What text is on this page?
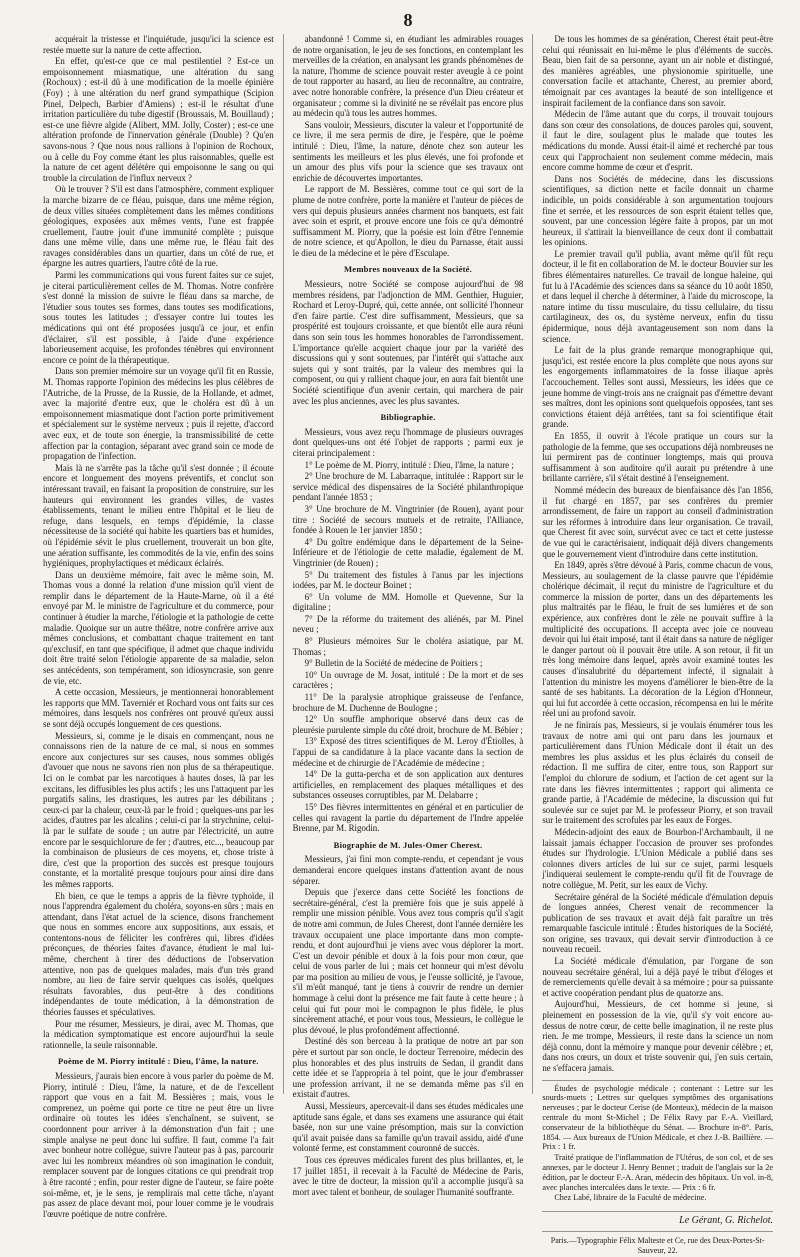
8

acquérait la tristesse et l'inquiétude, jusqu'ici la science est restée muette sur la nature de cette affection.

En effet, qu'est-ce que ce mal pestilentiel ? Est-ce un empoisonnement miasmatique, une altération du sang (Rochoux) ; est-il dû à une modification de la moelle épinière (Foy) ; à une altération du nerf grand sympathique (Scipion Pinel, Delpech, Barbier d'Amiens) ; est-il le résultat d'une irritation particulière du tube digestif (Broussais, M. Bouillaud) ; est-ce une fièvre algide (Alibert, MM. Jolly, Coster) ; est-ce une altération profonde de l'innervation générale (Double) ? Qu'en savons-nous ? Que nous nous rallions à l'opinion de Rochoux, ou à celle du Foy comme étant les plus raisonnables, quelle est la nature de cet agent délétère qui empoisonne le sang ou qui trouble la circulation de l'influx nerveux ?

Où le trouver ? S'il est dans l'atmosphère, comment expliquer la marche bizarre de ce fléau, puisque, dans une même région, de deux villes situées complètement dans les mêmes conditions géologiques, exposées aux mêmes vents, l'une est frappée cruellement, l'autre jouit d'une immunité complète ; puisque dans une même ville, dans une même rue, le fléau fait des ravages considérables dans un quartier, dans un côté de rue, et épargne les autres quartiers, l'autre côté de la rue.

Parmi les communications qui vous furent faites sur ce sujet, je citerai particulièrement celles de M. Thomas. Notre confrère s'est donné la mission de suivre le fléau dans sa marche, de l'étudier sous toutes ses formes, dans toutes ses modifications, sous toutes les latitudes ; d'essayer contre lui toutes les médications qui ont été proposées jusqu'à ce jour, et enfin d'éclairer, s'il est possible, à l'aide d'une expérience laborieusement acquise, les profondes ténèbres qui environnent encore ce point de la thérapeutique.

Dans son premier mémoire sur un voyage qu'il fit en Russie, M. Thomas rapporte l'opinion des médecins les plus célèbres de l'Autriche, de la Prusse, de la Russie, de la Hollande, et admet, avec la majorité d'entre eux, que le choléra est dû à un empoisonnement miasmatique dont l'action porte primitivement et spécialement sur le système nerveux ; puis il rejette, d'accord avec eux, et de toute son énergie, la transmissibilité de cette affection par la contagion, séparant avec grand soin ce mode de propagation de l'infection.

Mais là ne s'arrête pas la tâche qu'il s'est donnée ; il écoute encore et longuement des moyens préventifs, et conclut son intéressant travail, en faisant la proposition de construire, sur les hauteurs qui environnent les grandes villes, de vastes établissements, tenant le milieu entre l'hôpital et le lieu de refuge, dans lesquels, en temps d'épidémie, la classe nécessiteuse de la société qui habite les quartiers bas et humides, où l'épidémie sévit le plus cruellement, trouverait un bon gîte, une aération suffisante, les commodités de la vie, enfin des soins hygiéniques, prophylactiques et médicaux éclairés.

Dans un deuxième mémoire, fait avec le même soin, M. Thomas vous a donné la relation d'une mission qu'il vient de remplir dans le département de la Haute-Marne, où il a été envoyé par M. le ministre de l'agriculture et du commerce, pour continuer à étudier la marche, l'étiologie et la pathologie de cette maladie. Quoique sur un autre théâtre, notre confrère arrive aux mêmes conclusions, et combattant chaque traitement en tant qu'exclusif, en tant que spécifique, il admet que chaque individu doit être traité selon l'étiologie apparente de sa maladie, selon ses antécédents, son tempérament, son idiosyncrasie, son genre de vie, etc.

A cette occasion, Messieurs, je mentionnerai honorablement les rapports que MM. Taverniér et Rochard vous ont faits sur ces mémoires, dans lesquels nos confrères ont prouvé qu'eux aussi se sont déjà occupés longuement de ces questions.

Messieurs, si, comme je le disais en commençant, nous ne connaissons rien de la nature de ce mal, si nous en sommes encore aux conjectures sur ses causes, nous sommes obligés d'avouer que nous ne savons rien non plus de sa thérapeutique. Ici on le combat par les narcotiques à hautes doses, là par les excitans, les diffusibles les plus actifs ; les uns l'attaquent par les purgatifs salins, les drastiques, les autres par les débilitans ; ceux-ci par la chaleur, ceux-là par le froid ; quelques-uns par les acides, d'autres par les alcalins ; celui-ci par la strychnine, celui-là par le sulfate de soude ; un autre par l'électricité, un autre encore par le sesquichlorure de fer ; d'autres, etc..., beaucoup par la combinaison de plusieurs de ces moyens, et, chose triste à dire, c'est que la proportion des succès est presque toujours constante, et la mortalité presque toujours pour ainsi dire dans les mêmes rapports.

Eh bien, ce que le temps a appris de la fièvre typhoïde, il nous l'apprendra également du choléra, soyons-en sûrs ; mais en attendant, dans l'état actuel de la science, disons franchement que nous en sommes encore aux suppositions, aux essais, et contentons-nous de féliciter les confrères qui, libres d'idées préconçues, de théories faites d'avance, étudient le mal lui-même, cherchent à tirer des déductions de l'observation attentive, non pas de quelques malades, mais d'un très grand nombre, au lieu de faire servir quelques cas isolés, quelques résultats favorables, dus peut-être à des conditions indépendantes de toute médication, à la démonstration de théories fausses et spéculatives.

Pour me résumer, Messieurs, je dirai, avec M. Thomas, que la médication symptomatique est encore aujourd'hui la seule rationnelle, la seule raisonnable.

Poème de M. Piorry intitulé : Dieu, l'âme, la nature.

Messieurs, j'aurais bien encore à vous parler du poème de M. Piorry, intitulé : Dieu, l'âme, la nature, et de de l'excellent rapport que vous en a fait M. Bessières ; mais, vous le comprenez, un poème qui porte ce titre ne peut être un livre ordinaire où toutes les idées s'enchaînent, se suivent, se coordonnent pour arriver à la démonstration d'un fait ; une simple analyse ne peut donc lui suffire. Il faut, comme l'a fait avec bonheur notre collègue, suivre l'auteur pas à pas, parcourir avec lui les nombreux méandres où son imagination le conduit, remplacer souvent par de longues citations ce qui prendrait trop à être raconté ; enfin, pour rester digne de l'auteur, se faire poète soi-même, et, je le sens, je remplirais mal cette tâche, n'ayant pas assez de place devant moi, pour louer comme je le voudrais l'œuvre poétique de notre confrère.

abandonné ! Comme si, en étudiant les admirables rouages de notre organisation, le jeu de ses fonctions, en contemplant les merveilles de la création, en analysant les grands phénomènes de la nature, l'homme de science pouvait rester aveugle à ce point de tout rapporter au hasard, au lieu de reconnaître, au contraire, avec notre honorable confrère, la présence d'un Dieu créateur et organisateur ; comme si la divinité ne se révélait pas encore plus au médecin qu'à tous les autres hommes.

Sans vouloir, Messieurs, discuter la valeur et l'opportunité de ce livre, il me sera permis de dire, je l'espère, que le poème intitulé : Dieu, l'âme, la nature, dénote chez son auteur les sentiments les meilleurs et les plus élevés, une foi profonde et un amour des plus vifs pour la science que ses travaux ont enrichie de découvertes importantes.

Le rapport de M. Bessières, comme tout ce qui sort de la plume de notre confrère, porte la manière et l'auteur de pièces de vers qui depuis plusieurs années charment nos banquets, est fait avec soin et esprit, et prouve encore une fois ce qu'a démontré suffisamment M. Piorry, que la poésie est loin d'être l'ennemie de notre science, et qu'Apollon, le dieu du Parnasse, était aussi le dieu de la médecine et le père d'Esculape.

Membres nouveaux de la Société.

Messieurs, notre Société se compose aujourd'hui de 98 membres résidens, par l'adjonction de MM. Genthier, Huguier, Rochard et Leroy-Dupré, qui, cette année, ont sollicité l'honneur d'en faire partie. C'est dire suffisamment, Messieurs, que sa prospérité est toujours croissante, et que bientôt elle aura réuni dans son sein tous les hommes honorables de l'arrondissement. L'importance qu'elle acquiert chaque jour par la variété des discussions qui y sont soutenues, par l'intérêt qui s'attache aux sujets qui y sont traités, par la valeur des membres qui la composent, ou qui y rallient chaque jour, en aura fait bientôt une Société scientifique d'un avenir certain, qui marchera de pair avec les plus anciennes, avec les plus savantes.

Bibliographie.

Messieurs, vous avez reçu l'hommage de plusieurs ouvrages dont quelques-uns ont été l'objet de rapports ; parmi eux je citerai principalement :

1° Le poème de M. Piorry, intitulé : Dieu, l'âme, la nature ;

2° Une brochure de M. Labarraque, intitulée : Rapport sur le service médical des dispensaires de la Société philanthropique pendant l'année 1853 ;

3° Une brochure de M. Vingtrinier (de Rouen), ayant pour titre : Société de secours mutuels et de retraite, l'Alliance, fondée à Rouen le 1er janvier 1850 ;

4° Du goître endémique dans le département de la Seine-Inférieure et de l'étiologie de cette maladie, également de M. Vingtrinier (de Rouen) ;

5° Du traitement des fistules à l'anus par les injections iodées, par M. le docteur Boinet ;

6° Un volume de MM. Homolle et Quevenne, Sur la digitaline ;

7° De la réforme du traitement des aliénés, par M. Pinel neveu ;

8° Plusieurs mémoires Sur le choléra asiatique, par M. Thomas ;

9° Bulletin de la Société de médecine de Poitiers ;

10° Un ouvrage de M. Josat, intitulé : De la mort et de ses caractères ;

11° De la paralysie atrophique graisseuse de l'enfance, brochure de M. Duchenne de Boulogne ;

12° Un souffle amphorique observé dans deux cas de pleurésie purulente simple du côté droit, brochure de M. Bébier ;

13° Exposé des titres scientifiques de M. Leroy d'Étiolles, à l'appui de sa candidature à la place vacante dans la section de médecine et de chirurgie de l'Académie de médecine ;

14° De la gutta-percha et de son application aux dentures artificielles, en remplacement des plaques métalliques et des substances osseuses corruptibles, par M. Delabarre ;

15° Des fièvres intermittentes en général et en particulier de celles qui ravagent la partie du département de l'Indre appelée Brenne, par M. Rigodin.

Biographie de M. Jules-Omer Cherest.

Messieurs, j'ai fini mon compte-rendu, et cependant je vous demanderai encore quelques instans d'attention avant de nous séparer.

Depuis que j'exerce dans cette Société les fonctions de secrétaire-général, c'est la première fois que je suis appelé à remplir une mission pénible. Vous avez tous compris qu'il s'agit de notre ami commun, de Jules Cherest, dont l'année dernière les travaux occupaient une place importante dans mon compte-rendu, et dont aujourd'hui je viens avec vous déplorer la mort. C'est un devoir pénible et doux à la fois pour mon cœur, que celui de vous parler de lui ; mais cet honneur qui m'est dévolu par ma position au milieu de vous, je l'eusse sollicité, je l'avoue, s'il m'eût manqué, tant je tiens à couvrir de rendre un dernier hommage à celui dont la présence me fait faute à cette heure ; à celui qui fut pour moi le compagnon le plus fidèle, le plus sincèrement attaché, et pour vous tous, Messieurs, le collègue le plus dévoué, le plus profondément affectionné.

Destiné dès son berceau à la pratique de notre art par son père et surtout par son oncle, le docteur Terrenoire, médecin des plus honorables et des plus instruits de Sedan, il grandit dans cette idée et se l'appropria à tel point, que le jour d'embrasser une profession arrivant, il ne se demanda même pas s'il en existait d'autres.

Aussi, Messieurs, apercevait-il dans ses études médicales une aptitude sans égale, et dans ses examens une assurance qui était basée, non sur une vaine présomption, mais sur la conviction qu'il avait puisée dans sa famille qu'un travail assidu, aidé d'une volonté ferme, est constamment couronné de succès.

Tous ces épreuves médicales furent des plus brillantes, et, le 17 juillet 1851, il recevait à la Faculté de Médecine de Paris, avec le titre de docteur, la mission qu'il a accomplie jusqu'à sa mort avec talent et bonheur, de soulager l'humanité souffrante.

De tous les hommes de sa génération, Cherest était peut-être celui qui réunissait en lui-même le plus d'éléments de succès. Beau, bien fait de sa personne, ayant un air noble et distingué, des manières agréables, une physionomie spirituelle, une conversation facile et attachante, Cherest, au premier abord, témoignait par ces avantages la beauté de son intelligence et inspirait facilement de la confiance dans son savoir.

Médecin de l'âme autant que du corps, il trouvait toujours dans son cœur des consolations, de douces paroles qui, souvent, il faut le dire, soulagent plus le malade que toutes les médications du monde. Aussi était-il aimé et recherché par tous ceux qui l'approchaient non seulement comme médecin, mais encore comme homme de cœur et d'esprit.

Dans nos Sociétés de médecine, dans les discussions scientifiques, sa diction nette et facile donnait un charme indicible, un poids considérable à son argumentation toujours fine et serrée, et les ressources de son esprit étaient telles que, souvent, par une concession légère faite à propos, par un mot heureux, il s'attirait la bienveillance de ceux dont il combattait les opinions.

Le premier travail qu'il publia, avant même qu'il fût reçu docteur, il le fit en collaboration de M. le docteur Bouvier sur les fibres élémentaires naturelles. Ce travail de longue haleine, qui fut lu à l'Académie des sciences dans sa séance du 10 août 1850, et dans lequel il cherche à déterminer, à l'aide du microscope, la nature intime du tissu musculaire, du tissu cellulaire, du tissu cartilagineux, des os, du système nerveux, enfin du tissu épidermique, nous déjà avantageusement son nom dans la science.

Le fait de la plus grande remarque monographique qui, jusqu'ici, est restée encore la plus complète que nous ayons sur les engorgements inflammatoires de la fosse iliaque après l'accouchement. Telles sont aussi, Messieurs, les idées que ce jeune homme de vingt-trois ans ne craignait pas d'émettre devant ses maîtres, dont les opinions sont quelquefois opposées, tant ses convictions étaient déjà arrêtées, tant sa foi scientifique était grande.

En 1855, il ouvrit à l'école pratique un cours sur la pathologie de la femme, que ses occupations déjà nombreuses ne lui permirent pas de continuer longtemps, mais qui prouva suffisamment à son auditoire qu'il aurait pu prétendre à une brillante carrière, s'il s'était destiné à l'enseignement.

Nommé médecin des bureaux de bienfaisance dès l'an 1856, il fut chargé en 1857, par ses confrères du premier arrondissement, de faire un rapport au conseil d'administration sur les réformes à introduire dans leur organisation. Ce travail, que Cherest fit avec soin, survécut avec ce tact et cette justesse de vue qui le caractérisaient, indiquait déjà divers changements que le gouvernement vient d'introduire dans cette institution.

En 1849, après s'être dévoué à Paris, comme chacun de vous, Messieurs, au soulagement de la classe pauvre que l'épidémie cholérique décimait, il reçut du ministre de l'agriculture et du commerce la mission de porter, dans un des départements les plus maltraités par le fléau, le fruit de ses lumières et de son expérience, aux confrères dont le zèle ne pouvait suffire à la multiplicité des occupations. Il accepta avec joie ce nouveau devoir qui lui était imposé, tant il était dans sa nature de négliger le danger partout où il pouvait être utile. A son retour, il fit un très long mémoire dans lequel, après avoir examiné toutes les causes d'insalubrité du département infecté, il signalait à l'attention du ministre les moyens d'améliorer le bien-être de la santé de ses habitants. La décoration de la Légion d'Honneur, qui lui fut accordée à cette occasion, récompensa en lui le mérite réel uni au profond savoir.

Je ne finirais pas, Messieurs, si je voulais énumérer tous les travaux de notre ami qui ont paru dans les journaux et particulièrement dans l'Union Médicale dont il était un des membres les plus assidus et les plus éclairés du conseil de rédaction. Il me suffira de citer, entre tous, son Rapport sur l'emploi du chlorure de sodium, et l'action de cet agent sur la rate dans les fièvres intermittentes ; rapport qui alimenta ce grande partie, à l'Académie de médecine, la discussion qui fut soulevée sur ce sujet par M. le professeur Piorry, et son travail sur le traitement des scrofules par les eaux de Forges.

Médecin-adjoint des eaux de Bourbon-l'Archambault, il ne laissait jamais échapper l'occasion de prouver ses profondes études sur l'hydrologie. L'Union Médicale a publié dans ses colonnes divers articles de lui sur ce sujet, parmi lesquels j'indiquerai seulement le compte-rendu qu'il fit de l'ouvrage de notre collègue, M. Petit, sur les eaux de Vichy.

Secrétaire général de la Société médicale d'émulation depuis de longues années, Cherest venait de recommencer la publication de ses travaux et avait déjà fait paraître un très remarquable fascicule intitulé : Études historiques de la Société, son origine, ses travaux, qui devait servir d'introduction à ce nouveau recueil.

La Société médicale d'émulation, par l'organe de son nouveau secrétaire général, lui a déjà payé le tribut d'éloges et de remerciements qu'elle devait à sa mémoire ; pour sa puissante et active coopération pendant plus de quatorze ans.

Aujourd'hui, Messieurs, de cet homme si jeune, si pleinement en possession de la vie, qu'il s'y voit encore au-dessus de notre cœur, de cette belle imagination, il ne reste plus rien. Je me trompe, Messieurs, il reste dans la science un nom déjà connu, dont la mémoire y manque pour devenir célèbre ; et, dans nos cœurs, un doux et triste souvenir qui, j'en suis certain, ne s'effacera jamais.

Études de psychologie médicale ; contenant : Lettre sur les sourds-muets ; Lettres sur quelques symptômes des organisations nerveuses ; par le docteur Cerise (de Monteux), médecin de la maison centrale du mont St-Michel ; De Félix Ravy par F.-A. Vieillard, conservateur de la bibliothèque du Sénat. — Brochure in-8°. Paris, 1854. — Aux bureaux de l'Union Médicale, et chez J.-B. Baillière. — Prix : 1 fr.

Traité pratique de l'inflammation de l'Utérus, de son col, et de ses annexes, par le docteur J. Henry Bennet ; traduit de l'anglais sur la 2e édition, par le docteur F.-A. Aran, médecin des hôpitaux. Un vol. in-8, avec planches intercalées dans le texte. — Prix : 6 fr.

Chez Labé, libraire de la Faculté de médecine.

Le Gérant, G. Richelot.
Paris.—Typographie Félix Malteste et Ce, rue des Deux-Portes-St-Sauveur, 22.
